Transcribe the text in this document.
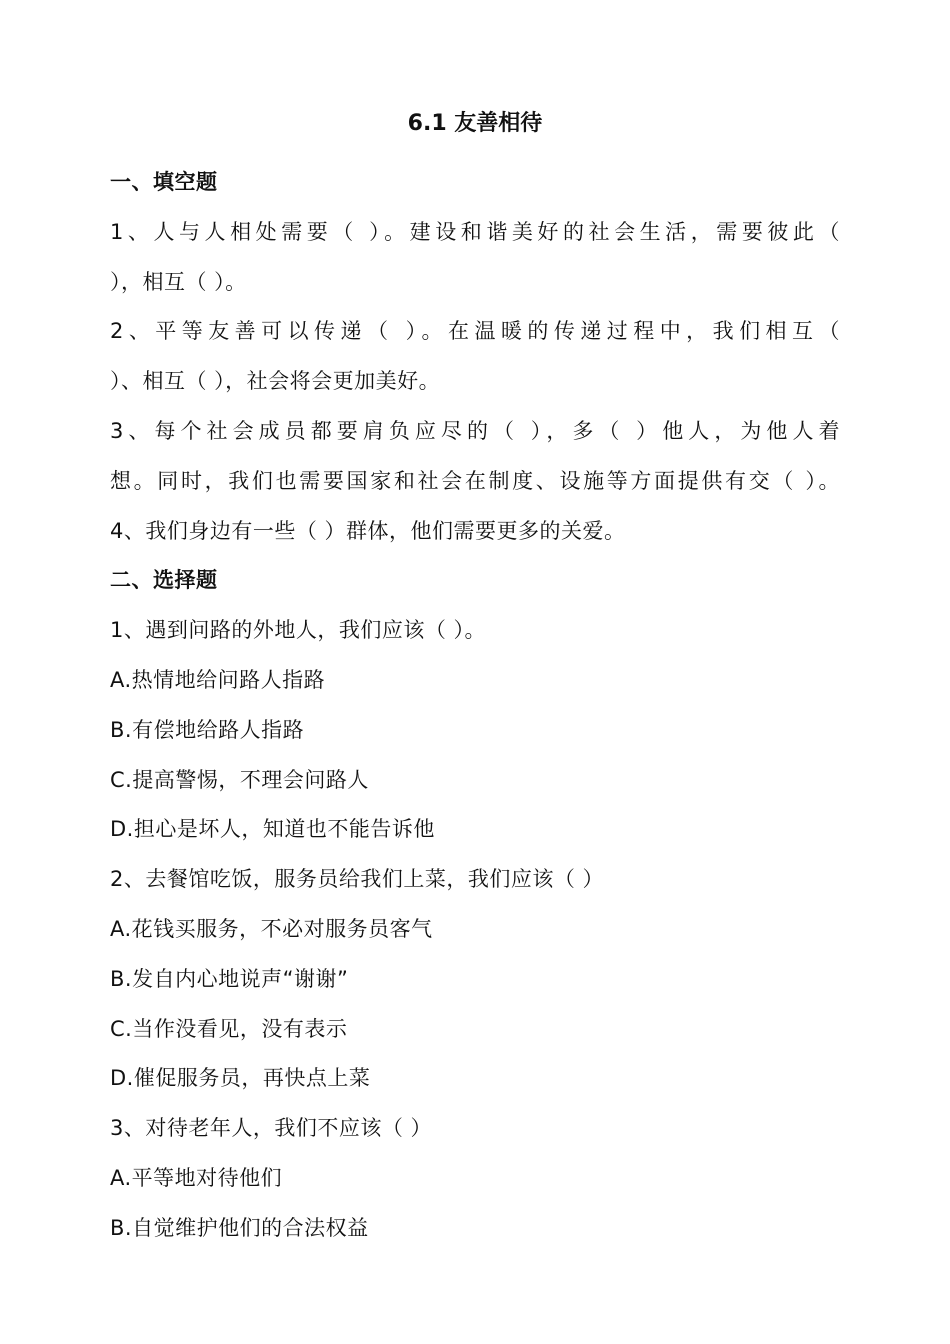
6.1 友善相待
一、填空题
1、人与人相处需要（ ）。建设和谐美好的社会生活，需要彼此（
），相互（ ）。
2、平等友善可以传递（ ）。在温暖的传递过程中，我们相互（
）、相互（ ），社会将会更加美好。
3、每个社会成员都要肩负应尽的（ ），多（ ）他人，为他人着
想。同时，我们也需要国家和社会在制度、设施等方面提供有交（ ）。
4、我们身边有一些（ ）群体，他们需要更多的关爱。
二、选择题
1、遇到问路的外地人，我们应该（ ）。
A.热情地给问路人指路
B.有偿地给路人指路
C.提高警惕，不理会问路人
D.担心是坏人，知道也不能告诉他
2、去餐馆吃饭，服务员给我们上菜，我们应该（ ）
A.花钱买服务，不必对服务员客气
B.发自内心地说声“谢谢”
C.当作没看见，没有表示
D.催促服务员，再快点上菜
3、对待老年人，我们不应该（ ）
A.平等地对待他们
B.自觉维护他们的合法权益
